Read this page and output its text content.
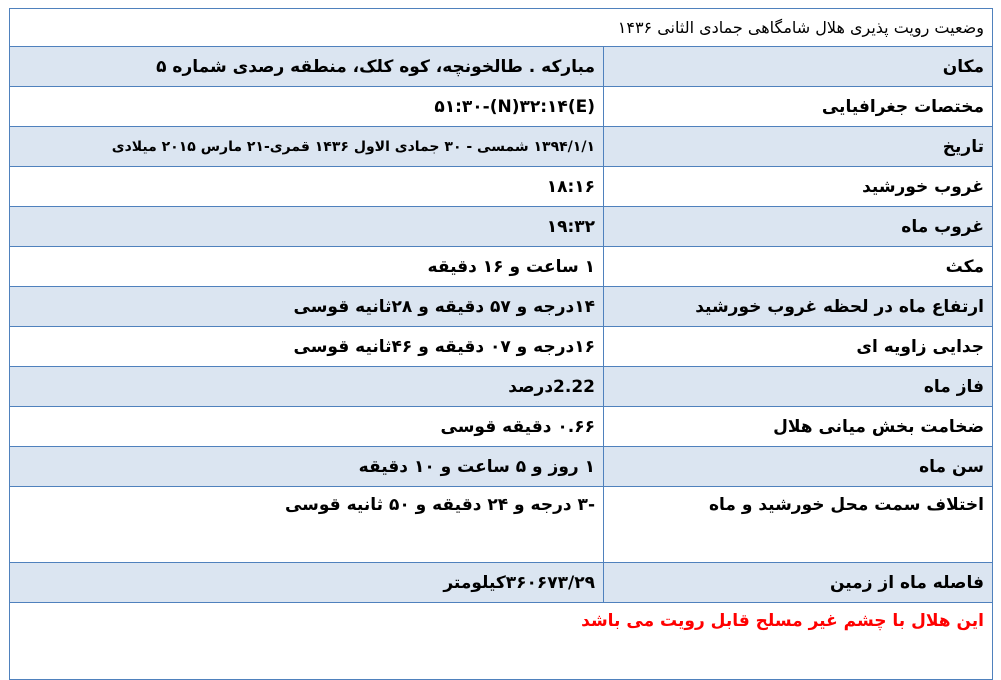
وضعیت رویت پذیری هلال شامگاهی جمادی الثانی ۱۴۳۶	
مکان	مبارکه . طالخونچه، کوه کلک، منطقه رصدی شماره ۵
مختصات جغرافیایی	(E)۵۱:۳۰-(N)۳۲:۱۴
تاریخ	۱۳۹۴/۱/۱ شمسی - ۳۰ جمادی الاول ۱۴۳۶ قمری-۲۱ مارس ۲۰۱۵ میلادی
غروب خورشید	۱۸:۱۶
غروب ماه	۱۹:۳۲
مکث	۱ ساعت و ۱۶ دقیقه
ارتفاع ماه در لحظه غروب خورشید	۱۴درجه و ۵۷ دقیقه و ۲۸ثانیه قوسی
جدایی زاویه ای	۱۶درجه و ۰۷ دقیقه و ۴۶ثانیه قوسی
فاز ماه	2.22درصد
ضخامت بخش میانی هلال	۰.۶۶ دقیقه قوسی
سن ماه	۱ روز و ۵ ساعت و ۱۰ دقیقه
اختلاف سمت محل خورشید و ماه	-۳ درجه و ۲۴ دقیقه و ۵۰ ثانیه قوسی
فاصله ماه از زمین	۳۶۰۶۷۳/۲۹کیلومتر
این هلال با چشم غیر مسلح قابل رویت می باشد	
